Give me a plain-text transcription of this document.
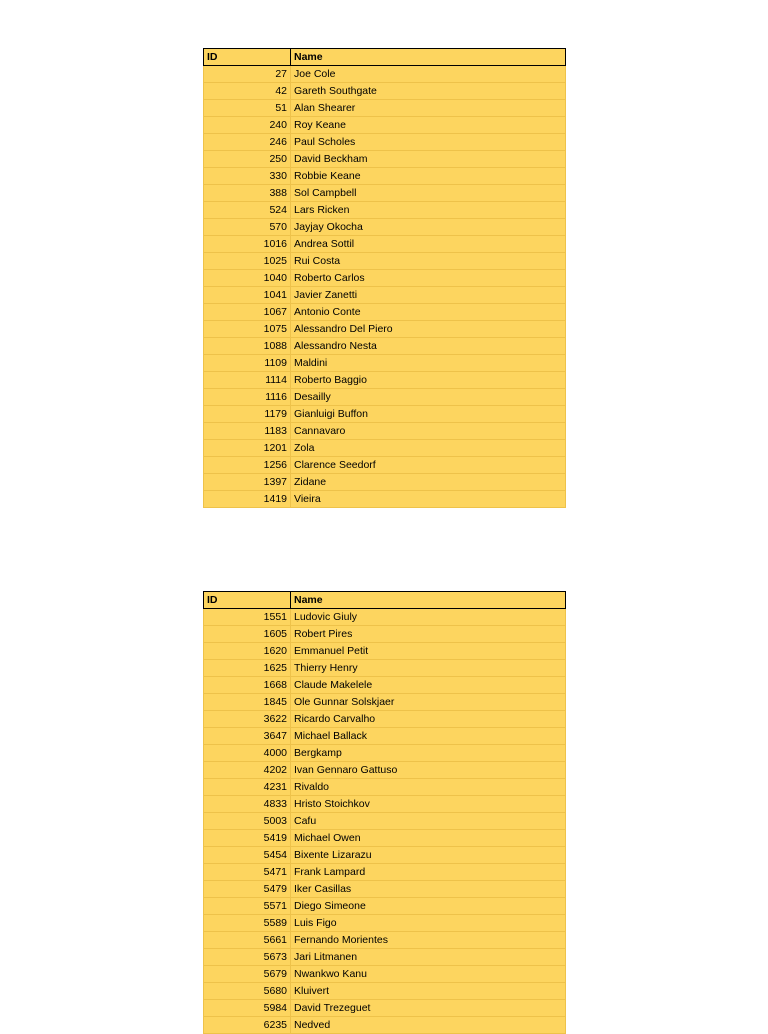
ID	Name
27	Joe Cole
42	Gareth Southgate
51	Alan Shearer
240	Roy Keane
246	Paul Scholes
250	David Beckham
330	Robbie Keane
388	Sol Campbell
524	Lars Ricken
570	Jayjay Okocha
1016	Andrea Sottil
1025	Rui Costa
1040	Roberto Carlos
1041	Javier Zanetti
1067	Antonio Conte
1075	Alessandro Del Piero
1088	Alessandro Nesta
1109	Maldini
1114	Roberto Baggio
1116	Desailly
1179	Gianluigi Buffon
1183	Cannavaro
1201	Zola
1256	Clarence Seedorf
1397	Zidane
1419	Vieira
ID	Name
1551	Ludovic Giuly
1605	Robert Pires
1620	Emmanuel Petit
1625	Thierry Henry
1668	Claude Makelele
1845	Ole Gunnar Solskjaer
3622	Ricardo Carvalho
3647	Michael Ballack
4000	Bergkamp
4202	Ivan Gennaro Gattuso
4231	Rivaldo
4833	Hristo Stoichkov
5003	Cafu
5419	Michael Owen
5454	Bixente Lizarazu
5471	Frank Lampard
5479	Iker Casillas
5571	Diego Simeone
5589	Luis Figo
5661	Fernando Morientes
5673	Jari Litmanen
5679	Nwankwo Kanu
5680	Kluivert
5984	David Trezeguet
6235	Nedved
